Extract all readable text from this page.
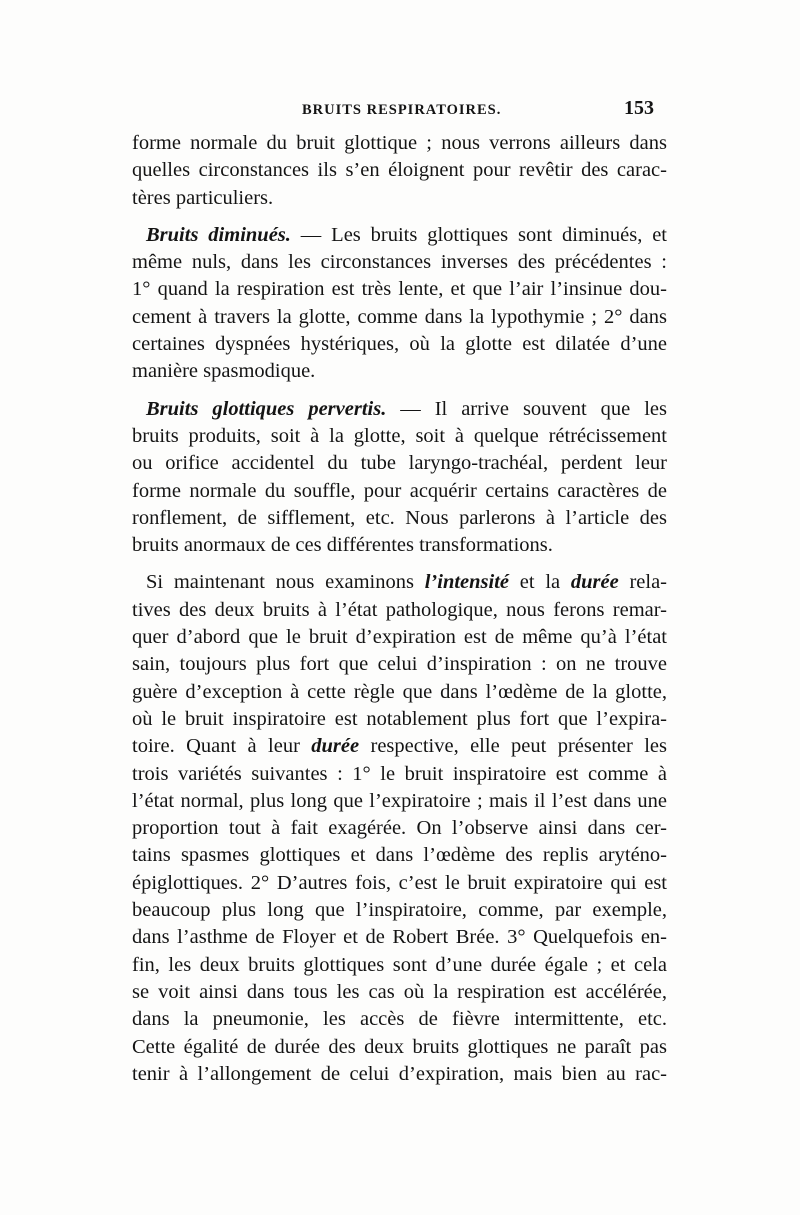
BRUITS RESPIRATOIRES.	153
forme normale du bruit glottique ; nous verrons ailleurs dans
quelles circonstances ils s’en éloignent pour revêtir des carac-
tères particuliers.
Bruits diminués. — Les bruits glottiques sont diminués, et
même nuls, dans les circonstances inverses des précédentes :
1° quand la respiration est très lente, et que l’air l’insinue dou-
cement à travers la glotte, comme dans la lypothymie ; 2° dans
certaines dyspnées hystériques, où la glotte est dilatée d’une
manière spasmodique.
Bruits glottiques pervertis. — Il arrive souvent que les
bruits produits, soit à la glotte, soit à quelque rétrécissement
ou orifice accidentel du tube laryngo-trachéal, perdent leur
forme normale du souffle, pour acquérir certains caractères de
ronflement, de sifflement, etc. Nous parlerons à l’article des
bruits anormaux de ces différentes transformations.
Si maintenant nous examinons l’intensité et la durée rela-
tives des deux bruits à l’état pathologique, nous ferons remar-
quer d’abord que le bruit d’expiration est de même qu’à l’état
sain, toujours plus fort que celui d’inspiration : on ne trouve
guère d’exception à cette règle que dans l’œdème de la glotte,
où le bruit inspiratoire est notablement plus fort que l’expira-
toire. Quant à leur durée respective, elle peut présenter les
trois variétés suivantes : 1° le bruit inspiratoire est comme à
l’état normal, plus long que l’expiratoire ; mais il l’est dans une
proportion tout à fait exagérée. On l’observe ainsi dans cer-
tains spasmes glottiques et dans l’œdème des replis aryténo-
épiglottiques. 2° D’autres fois, c’est le bruit expiratoire qui est
beaucoup plus long que l’inspiratoire, comme, par exemple,
dans l’asthme de Floyer et de Robert Brée. 3° Quelquefois en-
fin, les deux bruits glottiques sont d’une durée égale ; et cela
se voit ainsi dans tous les cas où la respiration est accélérée,
dans la pneumonie, les accès de fièvre intermittente, etc.
Cette égalité de durée des deux bruits glottiques ne paraît pas
tenir à l’allongement de celui d’expiration, mais bien au rac-
